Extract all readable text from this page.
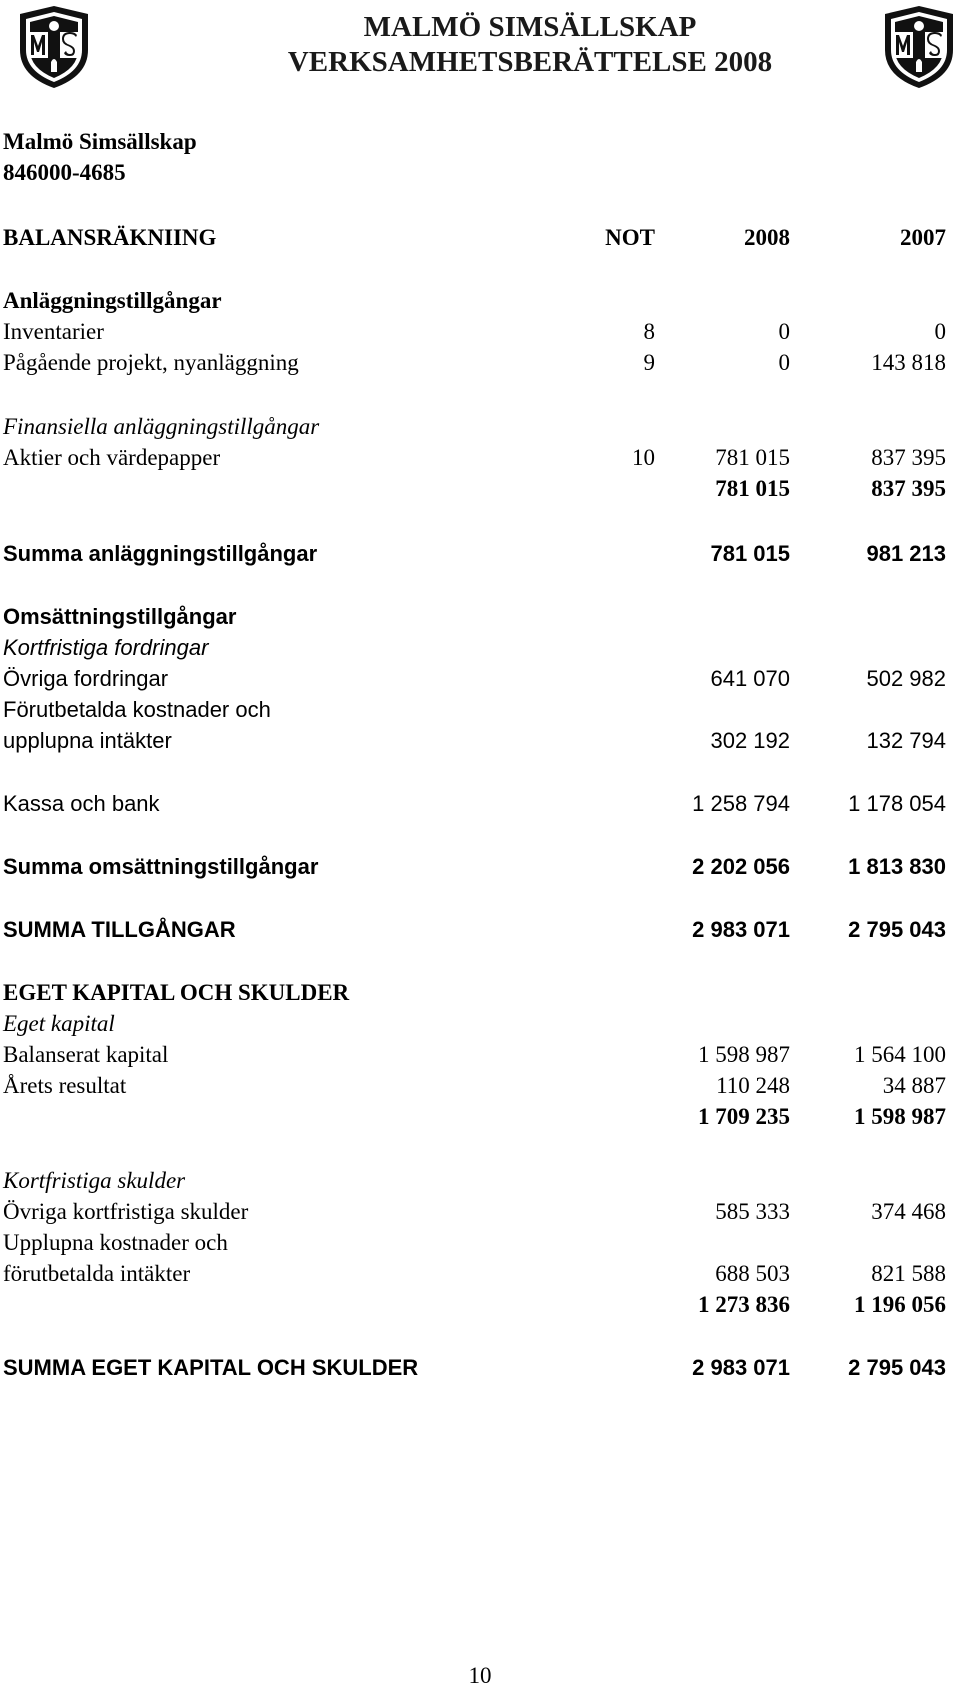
MALMÖ SIMSÄLLSKAP
VERKSAMHETSBERÄTTELSE 2008
Malmö Simsällskap
846000-4685
BALANSRÄKNIING	NOT	2008	2007
Anläggningstillgångar
Inventarier	8	0	0
Pågående projekt, nyanläggning	9	0	143 818
Finansiella anläggningstillgångar
Aktier och värdepapper	10	781 015	837 395
781 015	837 395
Summa anläggningstillgångar	781 015	981 213
Omsättningstillgångar
Kortfristiga fordringar
Övriga fordringar	641 070	502 982
Förutbetalda kostnader och
upplupna intäkter	302 192	132 794
Kassa och bank	1 258 794	1 178 054
Summa omsättningstillgångar	2 202 056	1 813 830
SUMMA TILLGÅNGAR	2 983 071	2 795 043
EGET KAPITAL OCH SKULDER
Eget kapital
Balanserat kapital	1 598 987	1 564 100
Årets resultat	110 248	34 887
1 709 235	1 598 987
Kortfristiga skulder
Övriga kortfristiga skulder	585 333	374 468
Upplupna kostnader och
förutbetalda intäkter	688 503	821 588
1 273 836	1 196 056
SUMMA EGET KAPITAL OCH SKULDER	2 983 071	2 795 043
10
